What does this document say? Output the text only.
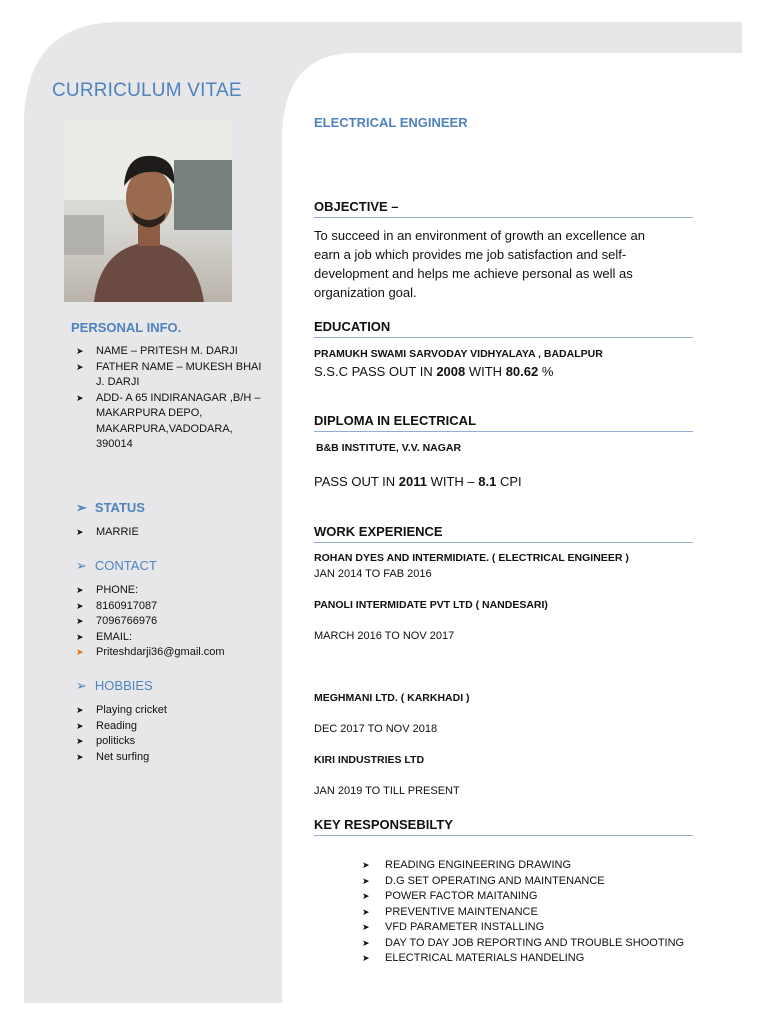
CURRICULUM VITAE
ELECTRICAL ENGINEER
PERSONAL INFO.
➤ NAME – PRITESH M. DARJI
➤ FATHER NAME – MUKESH BHAI J. DARJI
➤ ADD- A 65 INDIRANAGAR ,B/H – MAKARPURA DEPO, MAKARPURA,VADODARA, 390014
➢ STATUS
➤ MARRIE
➢ CONTACT
➤ PHONE:
➤ 8160917087
➤ 7096766976
➤ EMAIL:
➤ Priteshdarji36@gmail.com
➢ HOBBIES
➤ Playing cricket
➤ Reading
➤ politicks
➤ Net surfing
OBJECTIVE –
To succeed in an environment of growth an excellence an earn a job which provides me job satisfaction and self-development and helps me achieve personal as well as organization goal.
EDUCATION
PRAMUKH SWAMI SARVODAY VIDHYALAYA , BADALPUR
S.S.C PASS OUT IN 2008 WITH 80.62 %
DIPLOMA IN ELECTRICAL
B&B INSTITUTE, V.V. NAGAR
PASS OUT IN 2011 WITH – 8.1 CPI
WORK EXPERIENCE
ROHAN DYES AND INTERMIDIATE. ( ELECTRICAL ENGINEER )
JAN 2014 TO FAB 2016
PANOLI INTERMIDATE PVT LTD ( NANDESARI)
MARCH 2016 TO NOV 2017
MEGHMANI LTD. ( KARKHADI )
DEC 2017 TO NOV 2018
KIRI INDUSTRIES LTD
JAN 2019 TO TILL PRESENT
KEY RESPONSEBILTY
➤ READING ENGINEERING DRAWING
➤ D.G SET OPERATING AND MAINTENANCE
➤ POWER FACTOR MAITANING
➤ PREVENTIVE MAINTENANCE
➤ VFD PARAMETER INSTALLING
➤ DAY TO DAY JOB REPORTING AND TROUBLE SHOOTING
➤ ELECTRICAL MATERIALS HANDELING
